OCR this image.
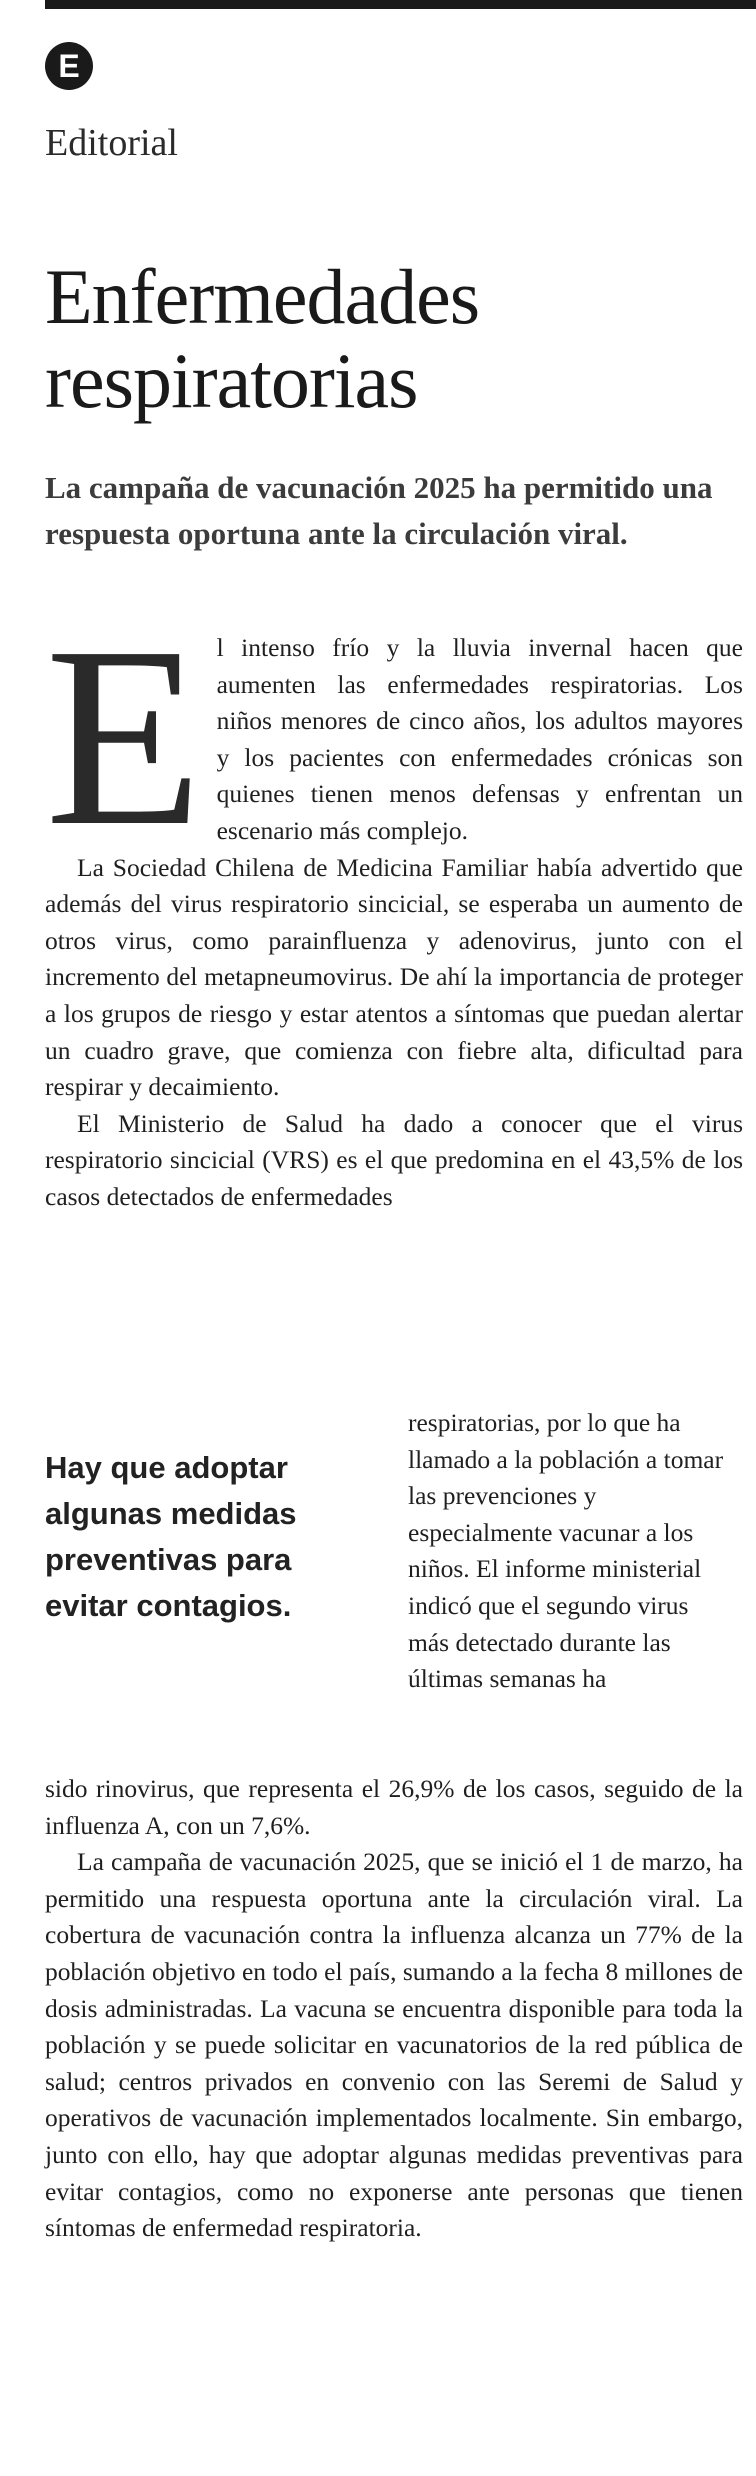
E
Editorial
Enfermedades respiratorias
La campaña de vacunación 2025 ha permitido una respuesta oportuna ante la circulación viral.

El intenso frío y la lluvia invernal hacen que aumenten las enfermedades respiratorias. Los niños menores de cinco años, los adultos mayores y los pacientes con enfermedades crónicas son quienes tienen menos defensas y enfrentan un escenario más complejo.

La Sociedad Chilena de Medicina Familiar había advertido que además del virus respiratorio sincicial, se esperaba un aumento de otros virus, como parainfluenza y adenovirus, junto con el incremento del metapneumovirus. De ahí la importancia de proteger a los grupos de riesgo y estar atentos a síntomas que puedan alertar un cuadro grave, que comienza con fiebre alta, dificultad para respirar y decaimiento.

El Ministerio de Salud ha dado a conocer que el virus respiratorio sincicial (VRS) es el que predomina en el 43,5% de los casos detectados de enfermedades

Hay que adoptar algunas medidas preventivas para evitar contagios.

respiratorias, por lo que ha llamado a la población a tomar las prevenciones y especialmente vacunar a los niños. El informe ministerial indicó que el segundo virus más detectado durante las últimas semanas ha

sido rinovirus, que representa el 26,9% de los casos, seguido de la influenza A, con un 7,6%.

La campaña de vacunación 2025, que se inició el 1 de marzo, ha permitido una respuesta oportuna ante la circulación viral. La cobertura de vacunación contra la influenza alcanza un 77% de la población objetivo en todo el país, sumando a la fecha 8 millones de dosis administradas. La vacuna se encuentra disponible para toda la población y se puede solicitar en vacunatorios de la red pública de salud; centros privados en convenio con las Seremi de Salud y operativos de vacunación implementados localmente. Sin embargo, junto con ello, hay que adoptar algunas medidas preventivas para evitar contagios, como no exponerse ante personas que tienen síntomas de enfermedad respiratoria.
